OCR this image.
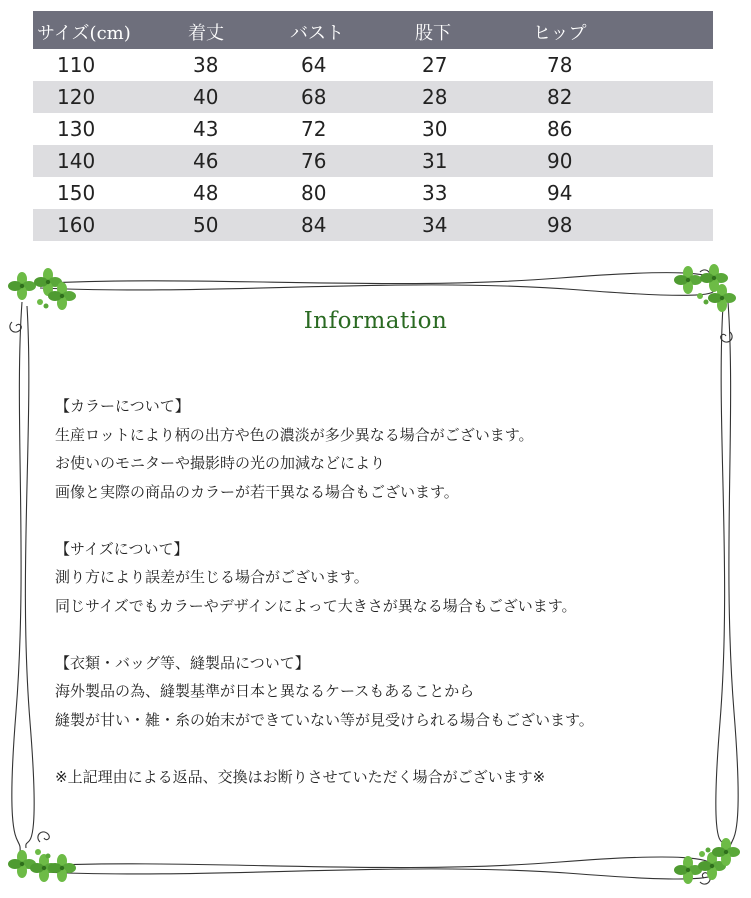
サイズ(cm)	着丈	バスト	股下	ヒップ
110	38	64	27	78
120	40	68	28	82
130	43	72	30	86
140	46	76	31	90
150	48	80	33	94
160	50	84	34	98
Information

【カラーについて】

生産ロットにより柄の出方や色の濃淡が多少異なる場合がございます。

お使いのモニターや撮影時の光の加減などにより

画像と実際の商品のカラーが若干異なる場合もございます。

【サイズについて】

測り方により誤差が生じる場合がございます。

同じサイズでもカラーやデザインによって大きさが異なる場合もございます。

【衣類・バッグ等、縫製品について】

海外製品の為、縫製基準が日本と異なるケースもあることから

縫製が甘い・雑・糸の始末ができていない等が見受けられる場合もございます。

※上記理由による返品、交換はお断りさせていただく場合がございます※
